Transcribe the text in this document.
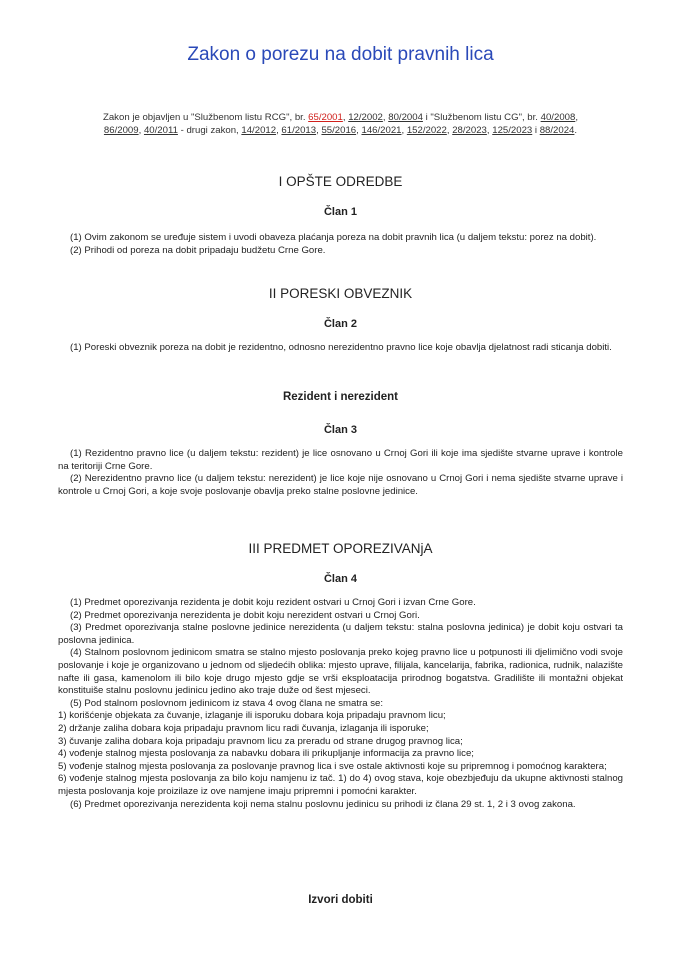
Zakon o porezu na dobit pravnih lica
Zakon je objavljen u "Službenom listu RCG", br. 65/2001, 12/2002, 80/2004 i "Službenom listu CG", br. 40/2008,
86/2009, 40/2011 - drugi zakon, 14/2012, 61/2013, 55/2016, 146/2021, 152/2022, 28/2023, 125/2023 i 88/2024.
I OPŠTE ODREDBE

Član 1

(1) Ovim zakonom se uređuje sistem i uvodi obaveza plaćanja poreza na dobit pravnih lica (u daljem tekstu: porez na dobit).

(2) Prihodi od poreza na dobit pripadaju budžetu Crne Gore.

II PORESKI OBVEZNIK

Član 2

(1) Poreski obveznik poreza na dobit je rezidentno, odnosno nerezidentno pravno lice koje obavlja djelatnost radi sticanja dobiti.

Rezident i nerezident

Član 3

(1) Rezidentno pravno lice (u daljem tekstu: rezident) je lice osnovano u Crnoj Gori ili koje ima sjedište stvarne uprave i kontrole na teritoriji Crne Gore.

(2) Nerezidentno pravno lice (u daljem tekstu: nerezident) je lice koje nije osnovano u Crnoj Gori i nema sjedište stvarne uprave i kontrole u Crnoj Gori, a koje svoje poslovanje obavlja preko stalne poslovne jedinice.

III PREDMET OPOREZIVANjA

Član 4

(1) Predmet oporezivanja rezidenta je dobit koju rezident ostvari u Crnoj Gori i izvan Crne Gore.

(2) Predmet oporezivanja nerezidenta je dobit koju nerezident ostvari u Crnoj Gori.

(3) Predmet oporezivanja stalne poslovne jedinice nerezidenta (u daljem tekstu: stalna poslovna jedinica) je dobit koju ostvari ta poslovna jedinica.

(4) Stalnom poslovnom jedinicom smatra se stalno mjesto poslovanja preko kojeg pravno lice u potpunosti ili djelimično vodi svoje poslovanje i koje je organizovano u jednom od sljedećih oblika: mjesto uprave, filijala, kancelarija, fabrika, radionica, rudnik, nalazište nafte ili gasa, kamenolom ili bilo koje drugo mjesto gdje se vrši eksploatacija prirodnog bogatstva. Gradilište ili montažni objekat konstituiše stalnu poslovnu jedinicu jedino ako traje duže od šest mjeseci.

(5) Pod stalnom poslovnom jedinicom iz stava 4 ovog člana ne smatra se:

1) korišćenje objekata za čuvanje, izlaganje ili isporuku dobara koja pripadaju pravnom licu;

2) držanje zaliha dobara koja pripadaju pravnom licu radi čuvanja, izlaganja ili isporuke;

3) čuvanje zaliha dobara koja pripadaju pravnom licu za preradu od strane drugog pravnog lica;

4) vođenje stalnog mjesta poslovanja za nabavku dobara ili prikupljanje informacija za pravno lice;

5) vođenje stalnog mjesta poslovanja za poslovanje pravnog lica i sve ostale aktivnosti koje su pripremnog i pomoćnog karaktera;

6) vođenje stalnog mjesta poslovanja za bilo koju namjenu iz tač. 1) do 4) ovog stava, koje obezbjeđuju da ukupne aktivnosti stalnog mjesta poslovanja koje proizilaze iz ove namjene imaju pripremni i pomoćni karakter.

(6) Predmet oporezivanja nerezidenta koji nema stalnu poslovnu jedinicu su prihodi iz člana 29 st. 1, 2 i 3 ovog zakona.

Izvori dobiti
